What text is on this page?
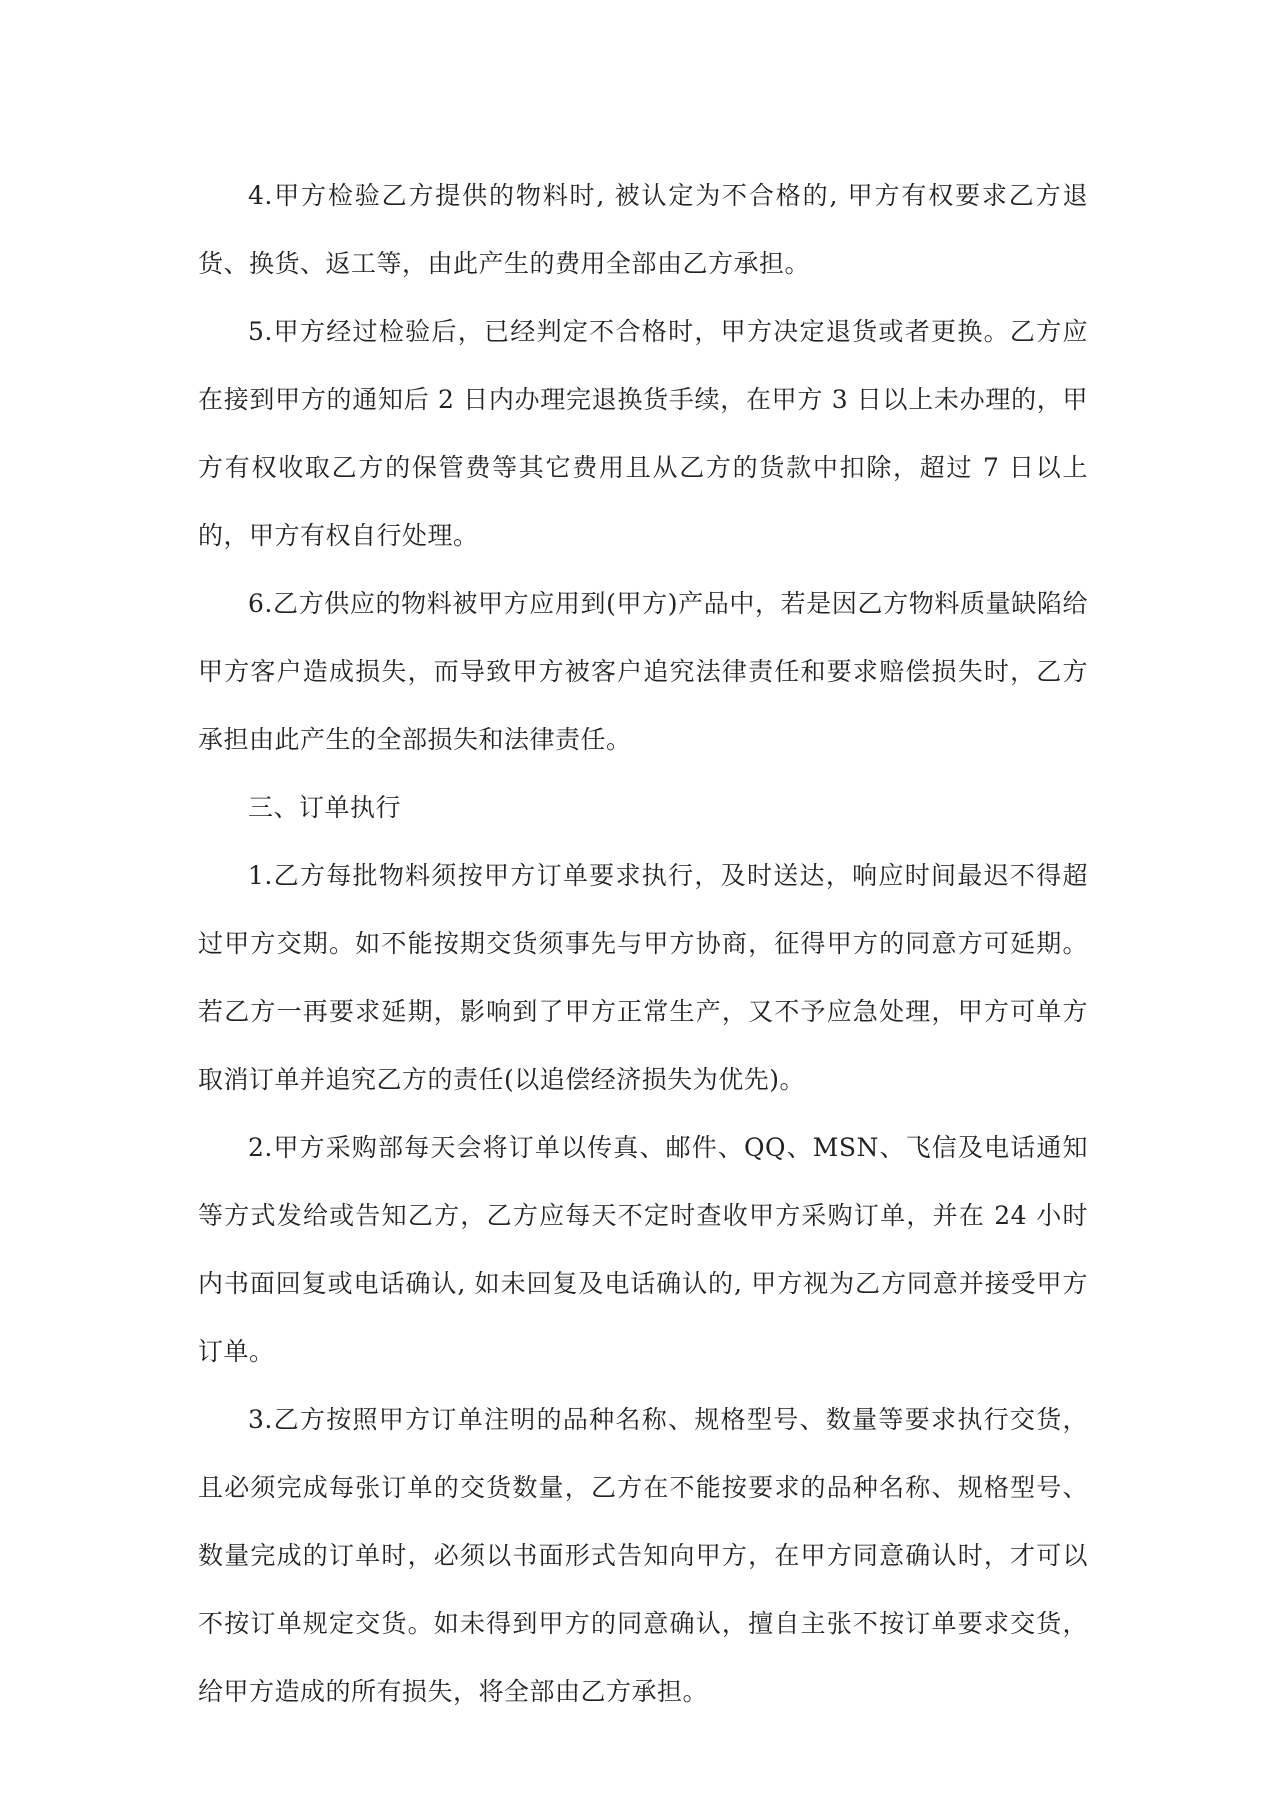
4.甲方检验乙方提供的物料时, 被认定为不合格的, 甲方有权要求乙方退货、换货、返工等，由此产生的费用全部由乙方承担。

5.甲方经过检验后，已经判定不合格时，甲方决定退货或者更换。乙方应在接到甲方的通知后 2 日内办理完退换货手续，在甲方 3 日以上未办理的，甲方有权收取乙方的保管费等其它费用且从乙方的货款中扣除，超过 7 日以上的，甲方有权自行处理。

6.乙方供应的物料被甲方应用到(甲方)产品中，若是因乙方物料质量缺陷给甲方客户造成损失，而导致甲方被客户追究法律责任和要求赔偿损失时，乙方承担由此产生的全部损失和法律责任。

三、订单执行

1.乙方每批物料须按甲方订单要求执行，及时送达，响应时间最迟不得超过甲方交期。如不能按期交货须事先与甲方协商，征得甲方的同意方可延期。若乙方一再要求延期，影响到了甲方正常生产，又不予应急处理，甲方可单方取消订单并追究乙方的责任(以追偿经济损失为优先)。

2.甲方采购部每天会将订单以传真、邮件、QQ、MSN、飞信及电话通知等方式发给或告知乙方，乙方应每天不定时查收甲方采购订单，并在 24 小时内书面回复或电话确认, 如未回复及电话确认的, 甲方视为乙方同意并接受甲方订单。

3.乙方按照甲方订单注明的品种名称、规格型号、数量等要求执行交货，且必须完成每张订单的交货数量，乙方在不能按要求的品种名称、规格型号、数量完成的订单时，必须以书面形式告知向甲方，在甲方同意确认时，才可以不按订单规定交货。如未得到甲方的同意确认，擅自主张不按订单要求交货，给甲方造成的所有损失，将全部由乙方承担。
